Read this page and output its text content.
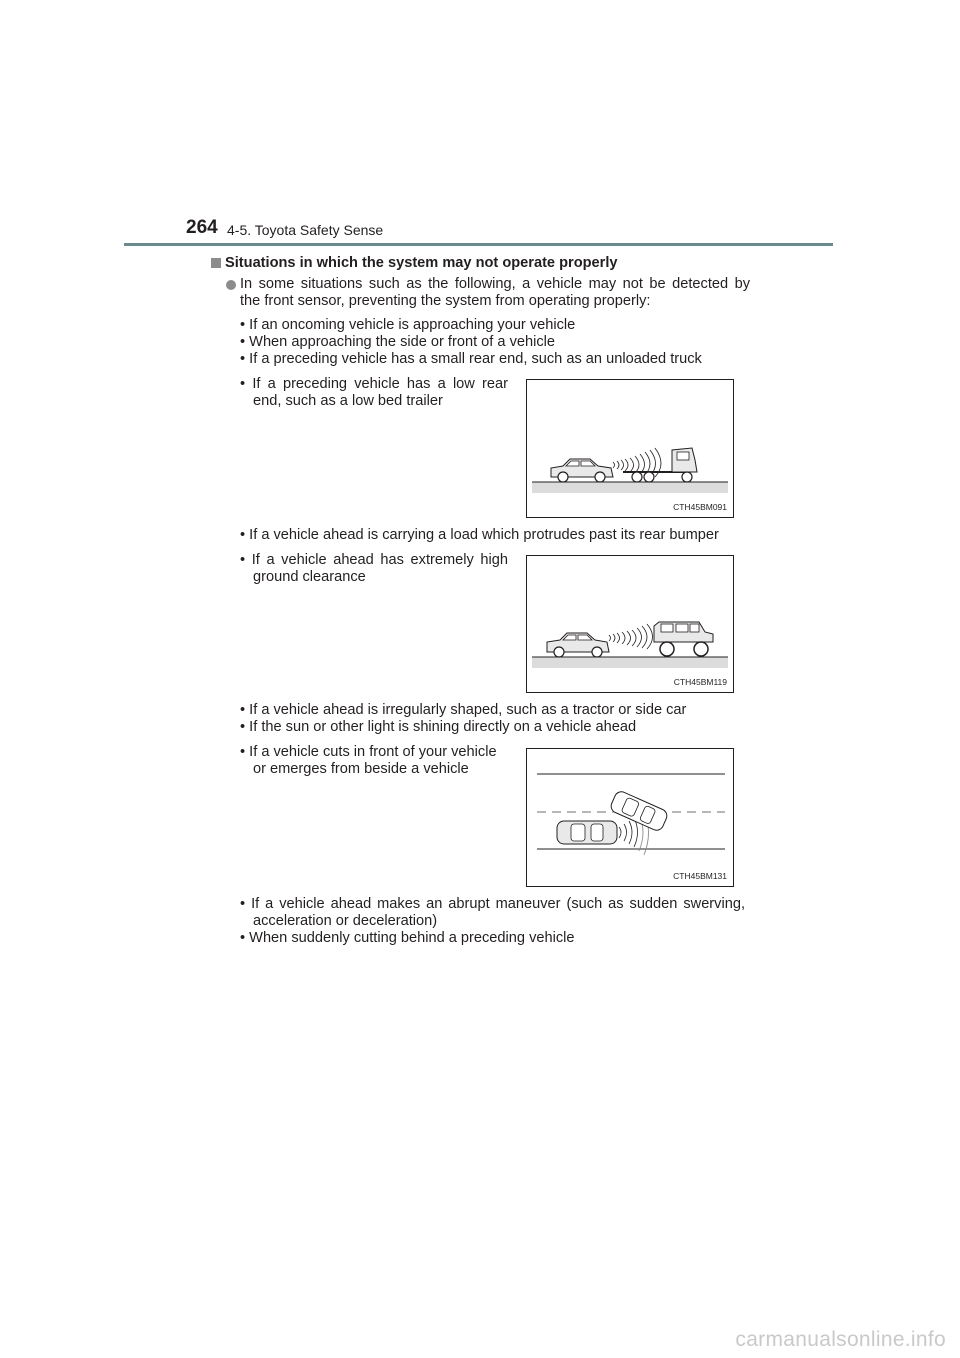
264 4-5. Toyota Safety Sense
Situations in which the system may not operate properly
In some situations such as the following, a vehicle may not be detected by
the front sensor, preventing the system from operating properly:
• If an oncoming vehicle is approaching your vehicle
• When approaching the side or front of a vehicle
• If a preceding vehicle has a small rear end, such as an unloaded truck
• If a preceding vehicle has a low rear
end, such as a low bed trailer
CTH45BM091
• If a vehicle ahead is carrying a load which protrudes past its rear bumper
• If a vehicle ahead has extremely high
ground clearance
CTH45BM119
• If a vehicle ahead is irregularly shaped, such as a tractor or side car
• If the sun or other light is shining directly on a vehicle ahead
• If a vehicle cuts in front of your vehicle
or emerges from beside a vehicle
CTH45BM131
• If a vehicle ahead makes an abrupt maneuver (such as sudden swerving,
acceleration or deceleration)
• When suddenly cutting behind a preceding vehicle
carmanualsonline.info
